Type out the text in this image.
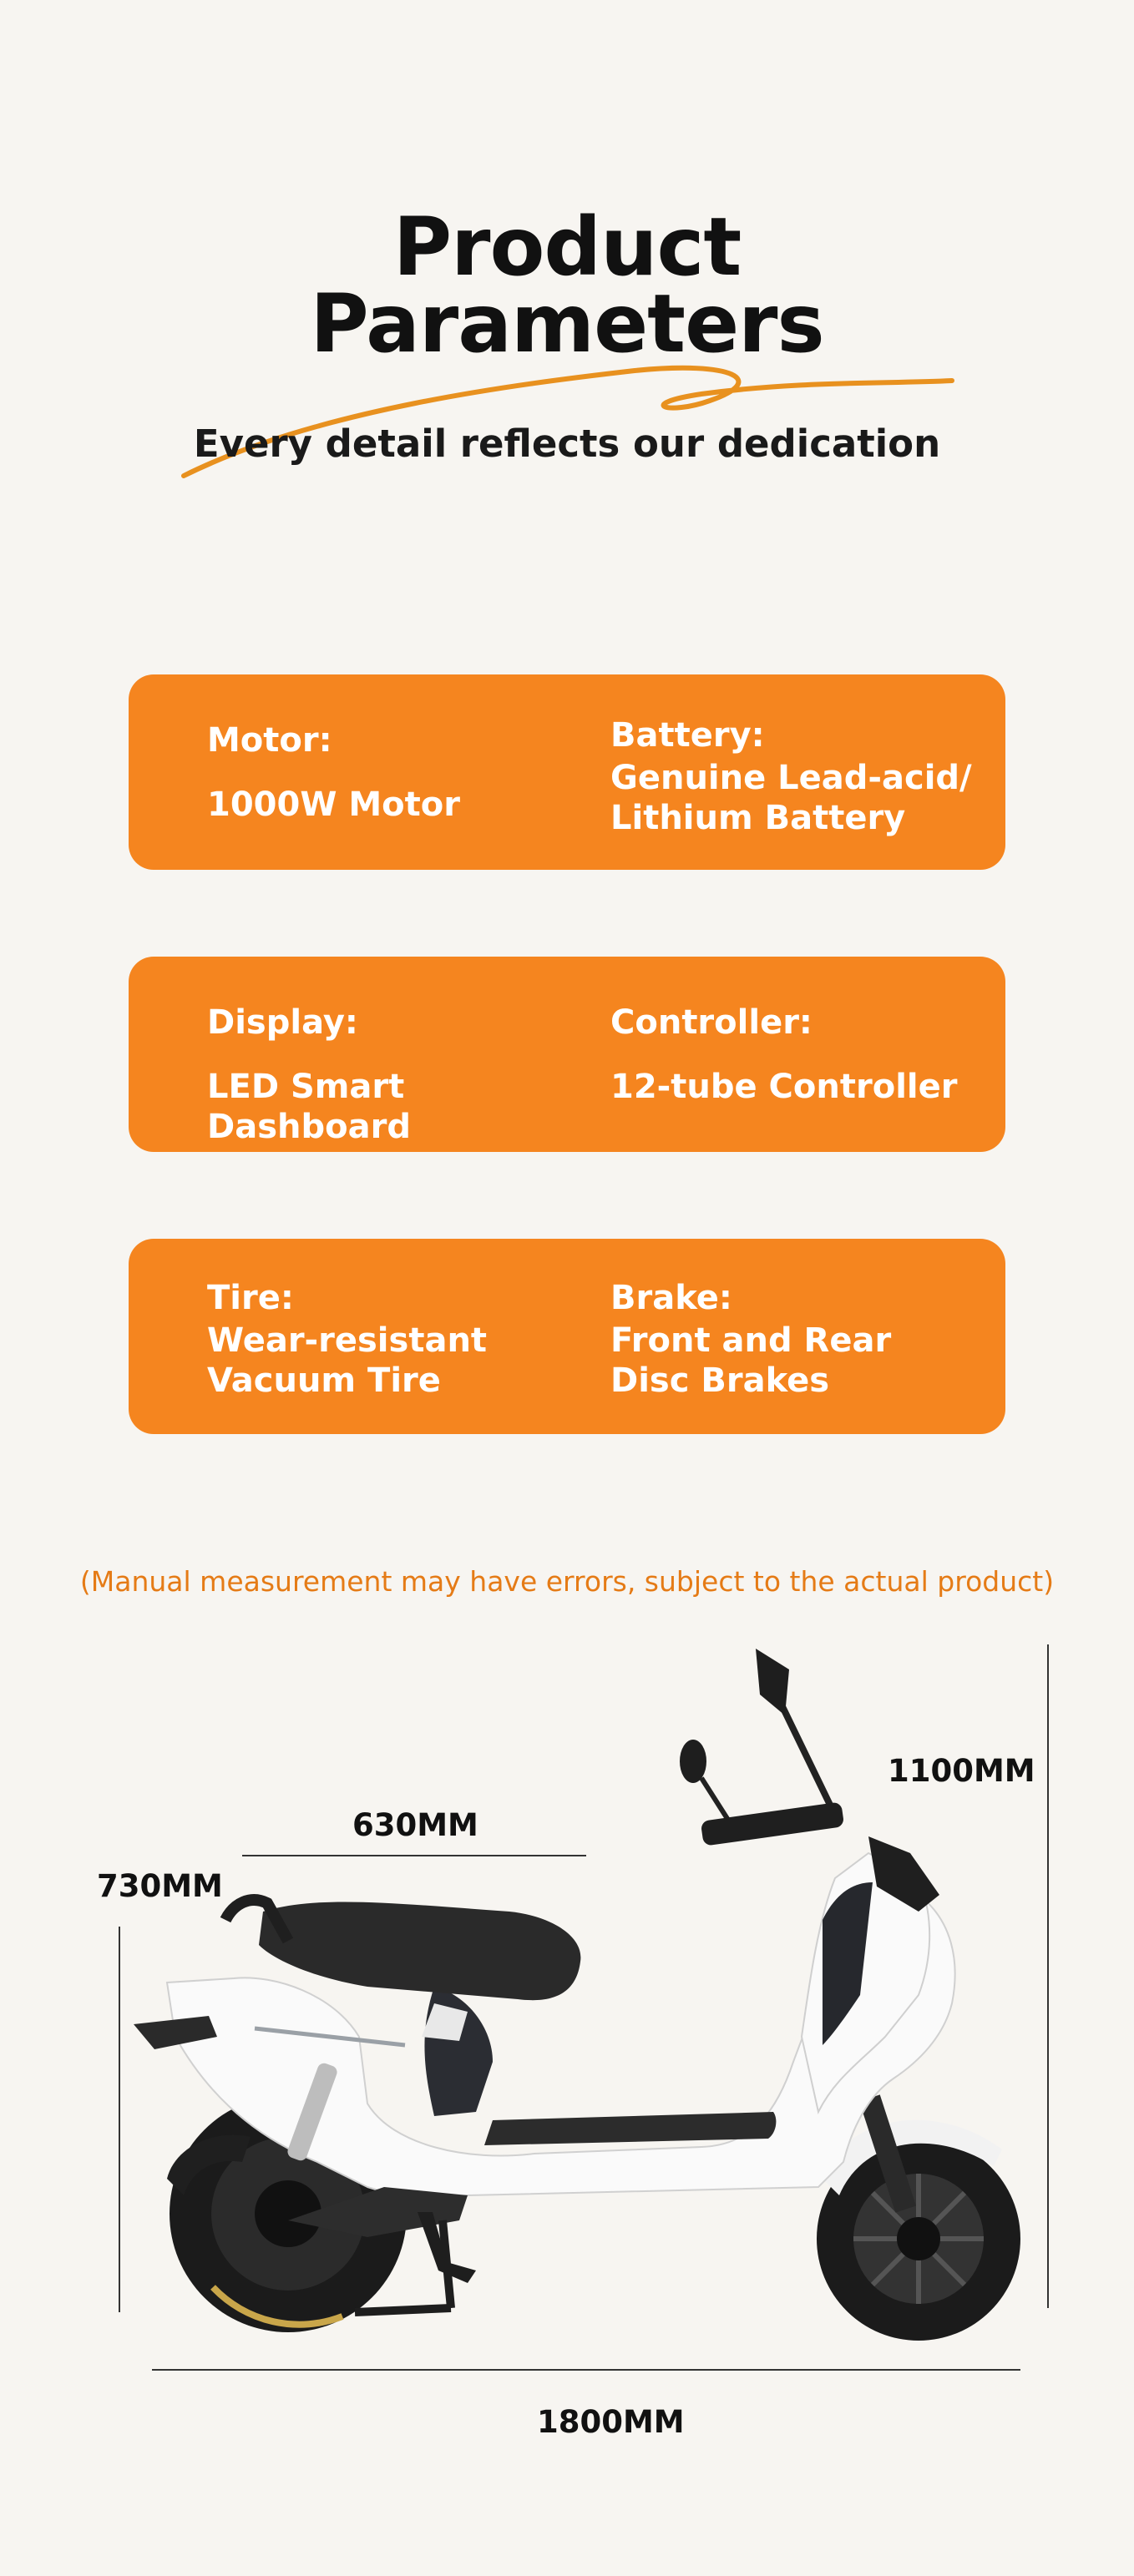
Product
Parameters
Every detail reflects our dedication
Motor:
1000W Motor
Battery:
Genuine Lead-acid/
Lithium Battery
Display:
LED Smart Dashboard
Controller:
12-tube Controller
Tire:
Wear-resistant
Vacuum Tire
Brake:
Front and Rear
Disc Brakes
(Manual measurement may have errors, subject to the actual product)
1100MM
630MM
730MM
1800MM
